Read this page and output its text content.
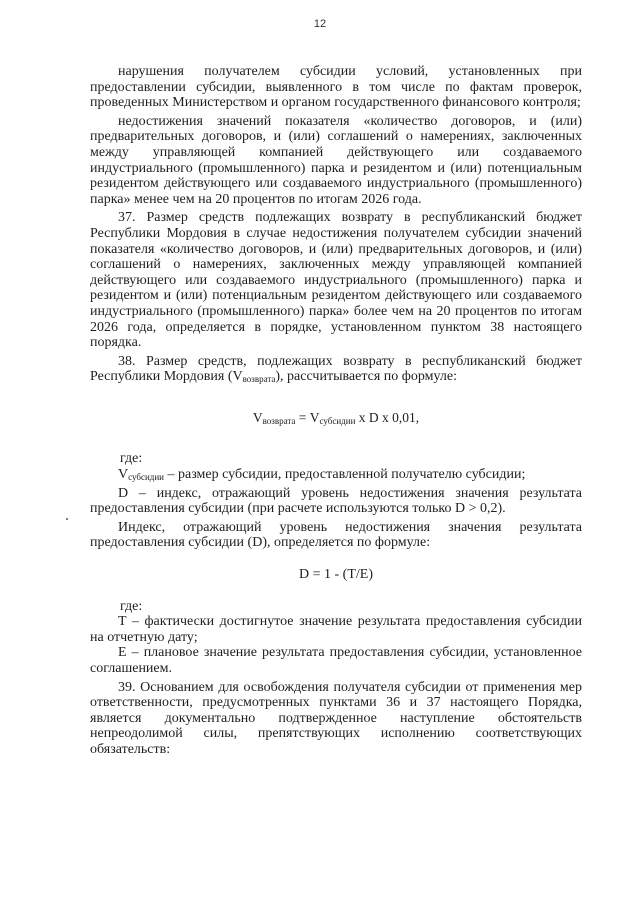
12

нарушения получателем субсидии условий, установленных при предоставлении субсидии, выявленного в том числе по фактам проверок, проведенных Министерством и органом государственного финансового контроля;

недостижения значений показателя «количество договоров, и (или) предварительных договоров, и (или) соглашений о намерениях, заключенных между управляющей компанией действующего или создаваемого индустриального (промышленного) парка и резидентом и (или) потенциальным резидентом действующего или создаваемого индустриального (промышленного) парка» менее чем на 20 процентов по итогам 2026 года.

37. Размер средств подлежащих возврату в республиканский бюджет Республики Мордовия в случае недостижения получателем субсидии значений показателя «количество договоров, и (или) предварительных договоров, и (или) соглашений о намерениях, заключенных между управляющей компанией действующего или создаваемого индустриального (промышленного) парка и резидентом и (или) потенциальным резидентом действующего или создаваемого индустриального (промышленного) парка» более чем на 20 процентов по итогам 2026 года, определяется в порядке, установленном пунктом 38 настоящего порядка.

38. Размер средств, подлежащих возврату в республиканский бюджет Республики Мордовия $(V_{возврата})$, рассчитывается по формуле:

$V_{возврата} = V_{субсидии}$ x D x 0,01,

где:

$V_{субсидии}$ – размер субсидии, предоставленной получателю субсидии;

D – индекс, отражающий уровень недостижения значения результата предоставления субсидии (при расчете используются только D > 0,2).

Индекс, отражающий уровень недостижения значения результата предоставления субсидии (D), определяется по формуле:

D = 1 - (T/E)

где:

T – фактически достигнутое значение результата предоставления субсидии на отчетную дату;

E – плановое значение результата предоставления субсидии, установленное соглашением.

39. Основанием для освобождения получателя субсидии от применения мер ответственности, предусмотренных пунктами 36 и 37 настоящего Порядка, является документально подтвержденное наступление обстоятельств непреодолимой силы, препятствующих исполнению соответствующих обязательств:
